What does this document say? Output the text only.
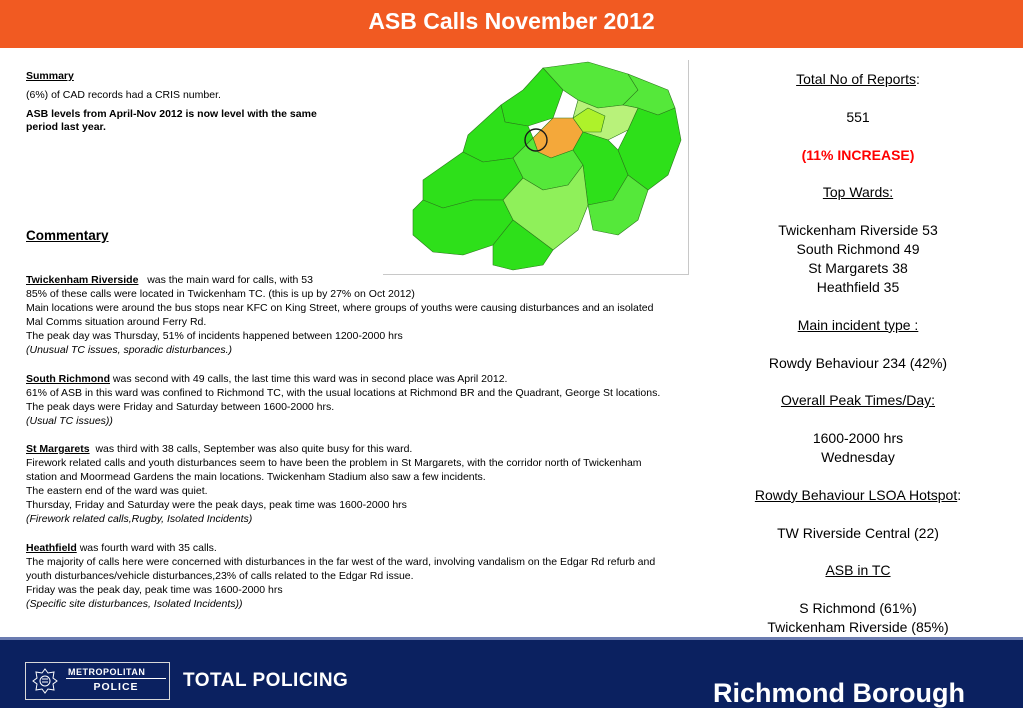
ASB Calls November 2012

Summary

(6%) of CAD records had a CRIS number.

ASB levels from April-Nov 2012 is now level with the same period last year.

Commentary
Twickenham Riverside was the main ward for calls, with 53
85% of these calls were located in Twickenham TC. (this is up by 27% on Oct 2012)
Main locations were around the bus stops near KFC on King Street, where groups of youths were causing disturbances and an isolated
Mal Comms situation around Ferry Rd.
The peak day was Thursday, 51% of incidents happened between 1200-2000 hrs
(Unusual TC issues, sporadic disturbances.)
South Richmond was second with 49 calls, the last time this ward was in second place was April 2012.
61% of ASB in this ward was confined to Richmond TC, with the usual locations at Richmond BR and the Quadrant, George St locations.
The peak days were Friday and Saturday between 1600-2000 hrs.
(Usual TC issues))
St Margarets was third with 38 calls, September was also quite busy for this ward.
Firework related calls and youth disturbances seem to have been the problem in St Margarets, with the corridor north of Twickenham
station and Moormead Gardens the main locations. Twickenham Stadium also saw a few incidents.
The eastern end of the ward was quiet.
Thursday, Friday and Saturday were the peak days, peak time was 1600-2000 hrs
(Firework related calls,Rugby, Isolated Incidents)
Heathfield was fourth ward with 35 calls.
The majority of calls here were concerned with disturbances in the far west of the ward, involving vandalism on the Edgar Rd refurb and
youth disturbances/vehicle disturbances,23% of calls related to the Edgar Rd issue.
Friday was the peak day, peak time was 1600-2000 hrs
(Specific site disturbances, Isolated Incidents))
Total No of Reports:
551
(11% INCREASE)
Top Wards:
Twickenham Riverside 53
South Richmond 49
St Margarets 38
Heathfield 35
Main incident type :
Rowdy Behaviour 234 (42%)
Overall Peak Times/Day:
1600-2000 hrs
Wednesday
Rowdy Behaviour LSOA Hotspot:
TW Riverside Central (22)
ASB in TC
S Richmond (61%)
Twickenham Riverside (85%)
METROPOLITAN
POLICE	TOTAL POLICING	Richmond Borough
